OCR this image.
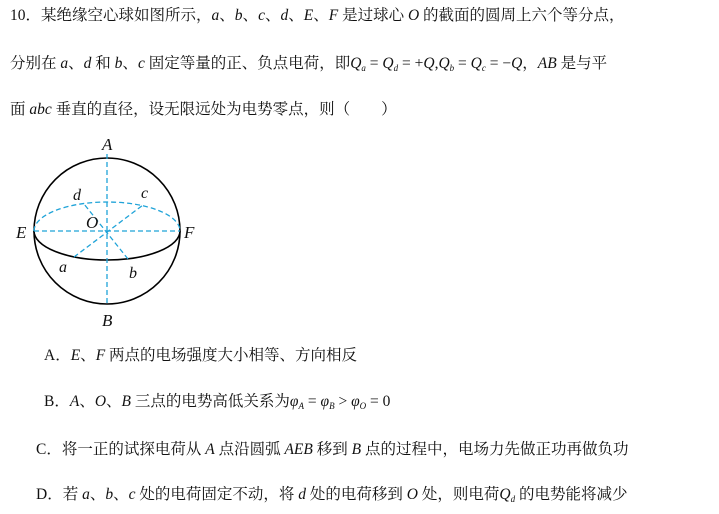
10．某绝缘空心球如图所示，a、b、c、d、E、F 是过球心 O 的截面的圆周上六个等分点，
分别在 a、d 和 b、c 固定等量的正、负点电荷，即$Q_a = Q_d = +Q,Q_b = Q_c = -Q$，AB 是与平
面 abc 垂直的直径，设无限远处为电势零点，则（　　）
A
B
E	F
O
a	b
c
d
A．E、F 两点的电场强度大小相等、方向相反
B．A、O、B 三点的电势高低关系为$\varphi_A = \varphi_B > \varphi_O = 0$
C．将一正的试探电荷从 A 点沿圆弧 AEB 移到 B 点的过程中，电场力先做正功再做负功
D．若 a、b、c 处的电荷固定不动，将 d 处的电荷移到 O 处，则电荷$Q_d$ 的电势能将减少
